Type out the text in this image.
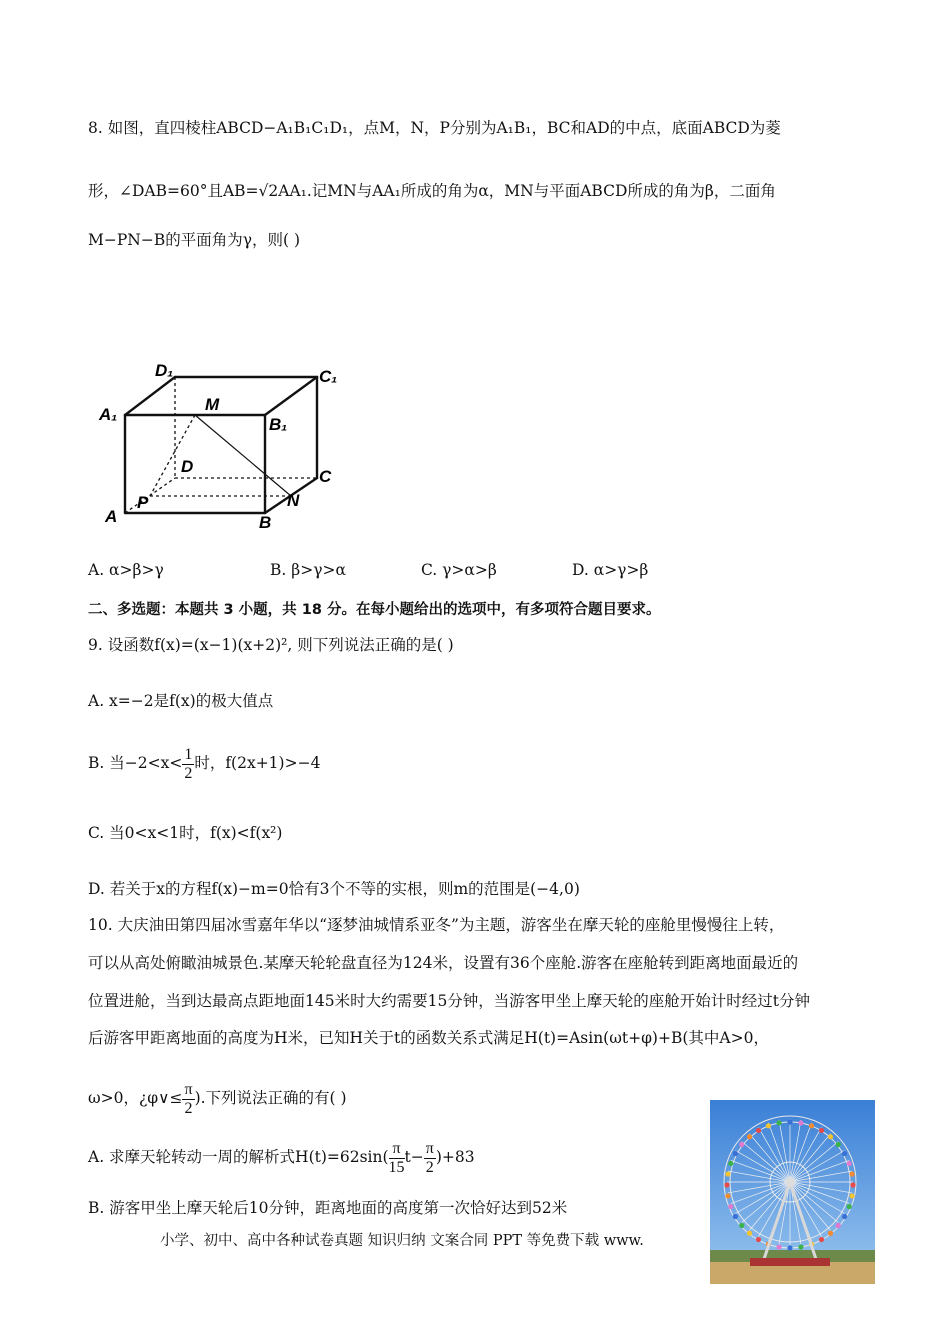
8. 如图，直四棱柱ABCD−A₁B₁C₁D₁，点M，N，P分别为A₁B₁，BC和AD的中点，底面ABCD为菱
形，∠DAB=60°且AB=√2AA₁.记MN与AA₁所成的角为α，MN与平面ABCD所成的角为β，二面角
M−PN−B的平面角为γ，则( )
D₁	C₁
A₁
M
B₁
D
C
P	N
A	B
A. α>β>γ	B. β>γ>α	C. γ>α>β	D. α>γ>β
二、多选题：本题共 3 小题，共 18 分。在每小题给出的选项中，有多项符合题目要求。
9. 设函数f(x)=(x−1)(x+2)², 则下列说法正确的是( )
A. x=−2是f(x)的极大值点
B. 当$-2<x< \frac{1}{2}$ 时，f(2x+1)>−4
C. 当0<x<1时，f(x)<f(x²)
D. 若关于x的方程f(x)−m=0恰有3个不等的实根，则m的范围是(−4,0)
10. 大庆油田第四届冰雪嘉年华以“逐梦油城情系亚冬”为主题，游客坐在摩天轮的座舱里慢慢往上转，
可以从高处俯瞰油城景色.某摩天轮轮盘直径为124米，设置有36个座舱.游客在座舱转到距离地面最近的
位置进舱，当到达最高点距地面145米时大约需要15分钟，当游客甲坐上摩天轮的座舱开始计时经过t分钟
后游客甲距离地面的高度为H米，已知H关于t的函数关系式满足H(t)=Asin(ωt+φ)+B(其中A>0，
ω>0，¿φ∨≤ $\frac{\pi}{2}$ ).下列说法正确的有( )
A. 求摩天轮转动一周的解析式$H(t)=62\sin( \frac{\pi}{15} t- \frac{\pi}{2} )+83$
B. 游客甲坐上摩天轮后10分钟，距离地面的高度第一次恰好达到52米
小学、初中、高中各种试卷真题 知识归纳 文案合同 PPT 等免费下载 www.
